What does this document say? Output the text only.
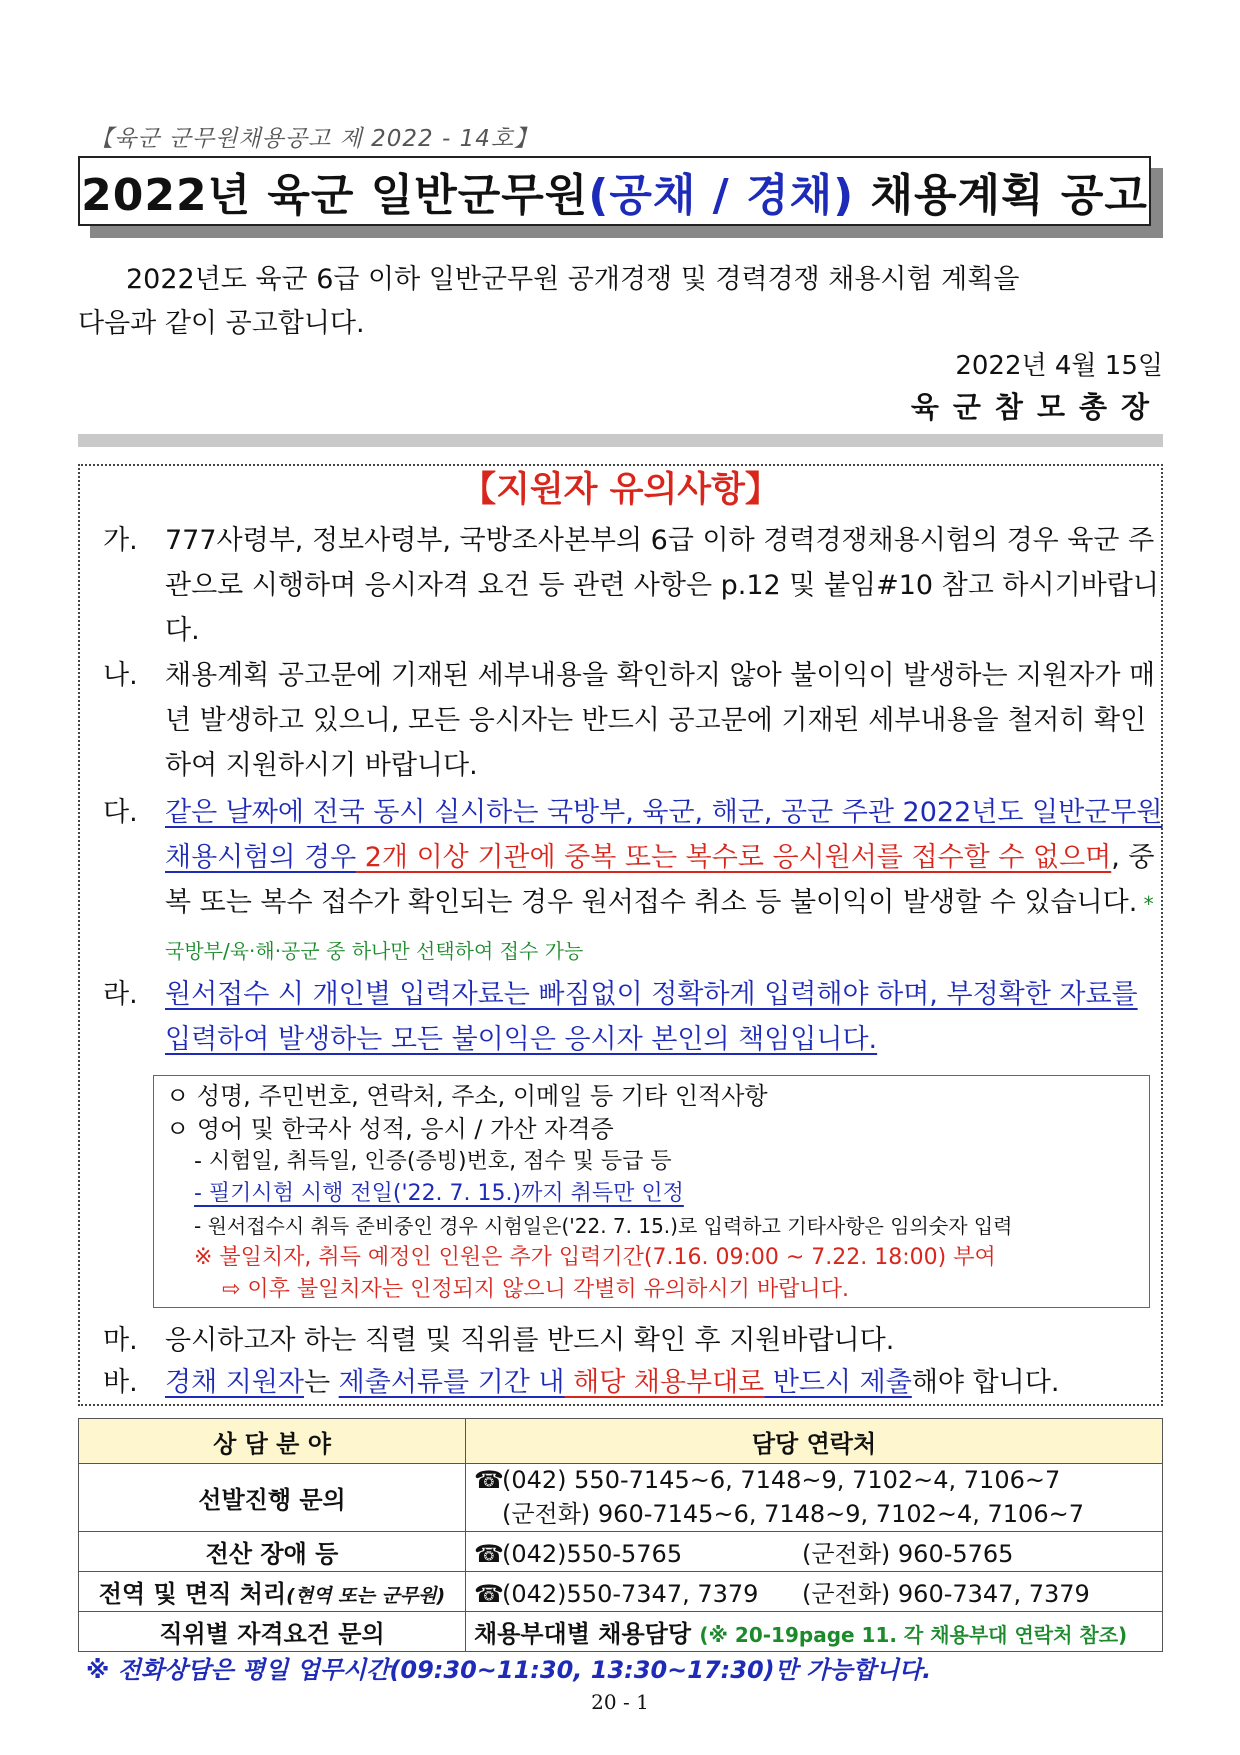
【육군 군무원채용공고 제 2022 - 14호】
2022년 육군 일반군무원 (공채 / 경채) 채용계획 공고
2022년도 육군 6급 이하 일반군무원 공개경쟁 및 경력경쟁 채용시험 계획을
다음과 같이 공고합니다.
2022년 4월 15일
육군참모총장
【지원자 유의사항】
가. 777사령부, 정보사령부, 국방조사본부의 6급 이하 경력경쟁채용시험의 경우 육군 주관으로 시행하며 응시자격 요건 등 관련 사항은 p.12 및 붙임#10 참고 하시기바랍니다.
나. 채용계획 공고문에 기재된 세부내용을 확인하지 않아 불이익이 발생하는 지원자가 매년 발생하고 있으니, 모든 응시자는 반드시 공고문에 기재된 세부내용을 철저히 확인하여 지원하시기 바랍니다.
다. 같은 날짜에 전국 동시 실시하는 국방부, 육군, 해군, 공군 주관 2022년도 일반군무원 채용시험의 경우 2개 이상 기관에 중복 또는 복수로 응시원서를 접수할 수 없으며, 중복 또는 복수 접수가 확인되는 경우 원서접수 취소 등 불이익이 발생할 수 있습니다. * 국방부/육·해·공군 중 하나만 선택하여 접수 가능
라. 원서접수 시 개인별 입력자료는 빠짐없이 정확하게 입력해야 하며, 부정확한 자료를 입력하여 발생하는 모든 불이익은 응시자 본인의 책임입니다.
ㅇ 성명, 주민번호, 연락처, 주소, 이메일 등 기타 인적사항
ㅇ 영어 및 한국사 성적, 응시 / 가산 자격증
- 시험일, 취득일, 인증(증빙)번호, 점수 및 등급 등
- 필기시험 시행 전일('22. 7. 15.)까지 취득만 인정
- 원서접수시 취득 준비중인 경우 시험일은('22. 7. 15.)로 입력하고 기타사항은 임의숫자 입력
※ 불일치자, 취득 예정인 인원은 추가 입력기간(7.16. 09:00 ~ 7.22. 18:00) 부여
⇨ 이후 불일치자는 인정되지 않으니 각별히 유의하시기 바랍니다.
마. 응시하고자 하는 직렬 및 직위를 반드시 확인 후 지원바랍니다.
바. 경채 지원자는 제출서류를 기간 내 해당 채용부대로 반드시 제출해야 합니다.
상 담 분 야	담당 연락처
선발진행 문의	☎(042) 550-7145~6, 7148~9, 7102~4, 7106~7
(군전화) 960-7145~6, 7148~9, 7102~4, 7106~7

전산 장애 등	☎(042)550-5765 (군전화) 960-5765
전역 및 면직 처리(현역 또는 군무원)	☎(042)550-7347, 7379 (군전화) 960-7347, 7379
직위별 자격요건 문의	채용부대별 채용담당 (※ 20-19page 11. 각 채용부대 연락처 참조)
※ 전화상담은 평일 업무시간(09:30~11:30, 13:30~17:30)만 가능합니다.
20 - 1
